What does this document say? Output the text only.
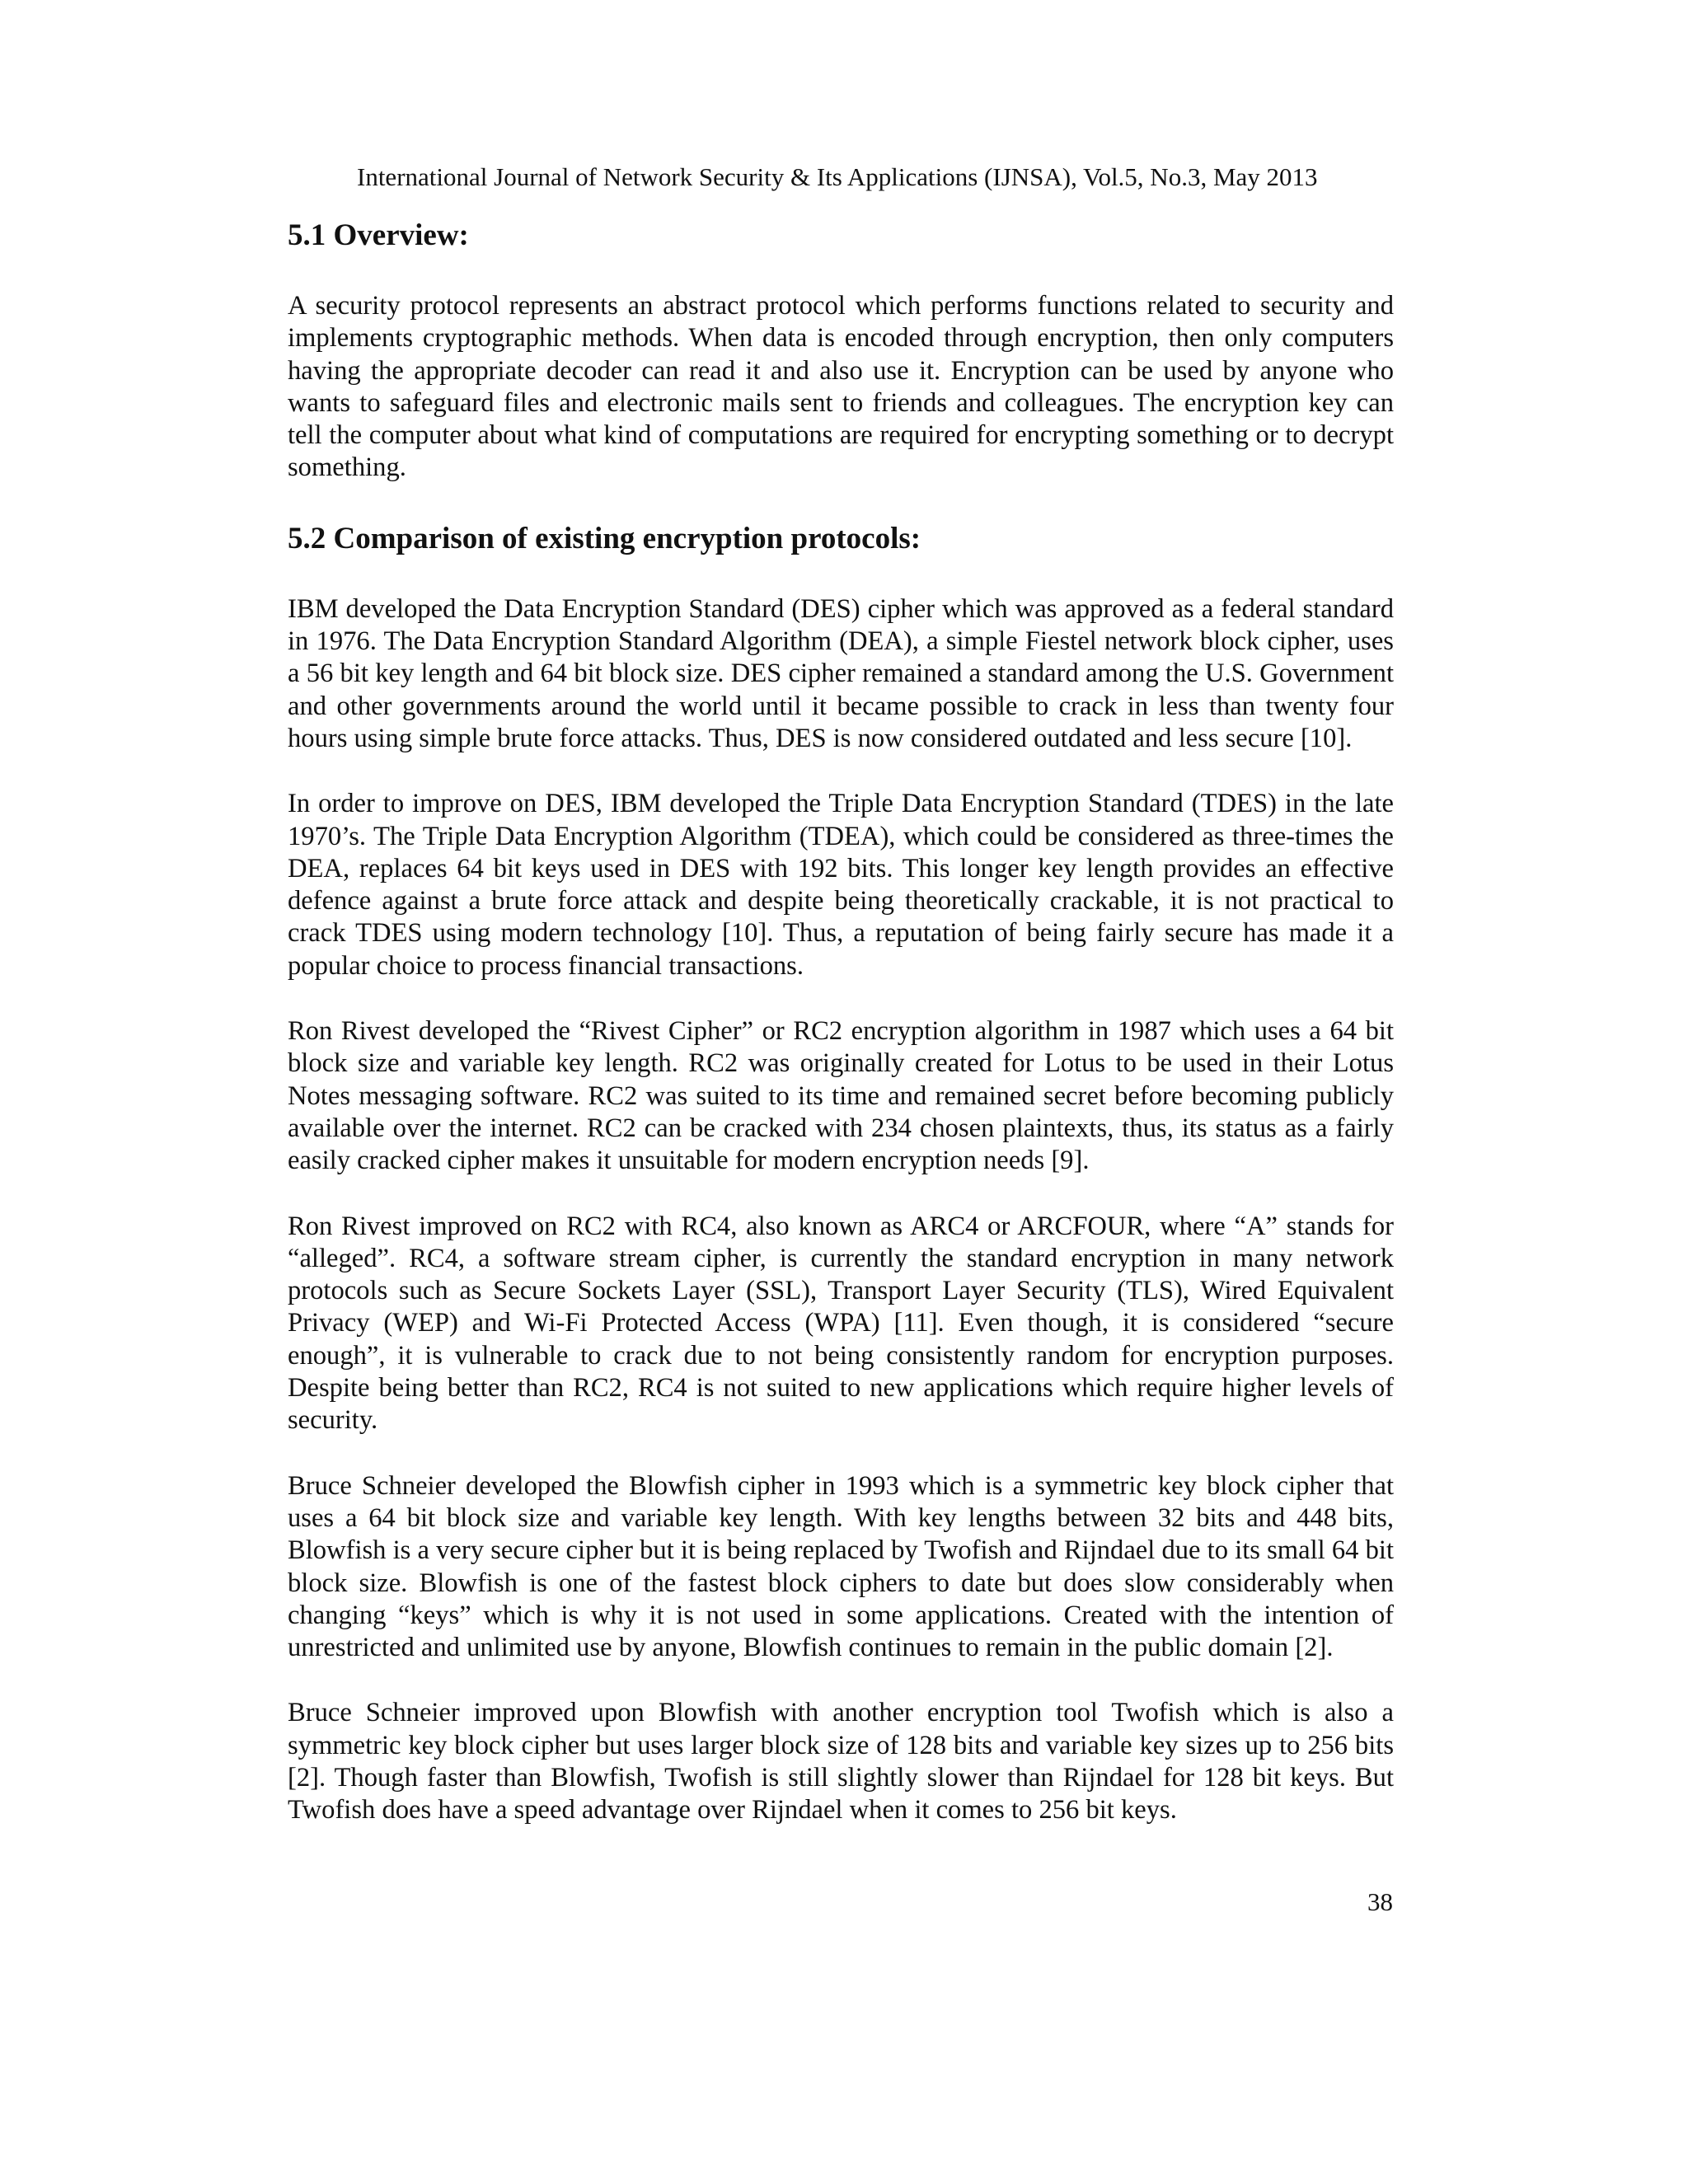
International Journal of Network Security & Its Applications (IJNSA), Vol.5, No.3, May 2013
5.1 Overview:

A security protocol represents an abstract protocol which performs functions related to security and implements cryptographic methods. When data is encoded through encryption, then only computers having the appropriate decoder can read it and also use it. Encryption can be used by anyone who wants to safeguard files and electronic mails sent to friends and colleagues. The encryption key can tell the computer about what kind of computations are required for encrypting something or to decrypt something.

5.2 Comparison of existing encryption protocols:

IBM developed the Data Encryption Standard (DES) cipher which was approved as a federal standard in 1976. The Data Encryption Standard Algorithm (DEA), a simple Fiestel network block cipher, uses a 56 bit key length and 64 bit block size. DES cipher remained a standard among the U.S. Government and other governments around the world until it became possible to crack in less than twenty four hours using simple brute force attacks. Thus, DES is now considered outdated and less secure [10].

In order to improve on DES, IBM developed the Triple Data Encryption Standard (TDES) in the late 1970’s. The Triple Data Encryption Algorithm (TDEA), which could be considered as three-times the DEA, replaces 64 bit keys used in DES with 192 bits. This longer key length provides an effective defence against a brute force attack and despite being theoretically crackable, it is not practical to crack TDES using modern technology [10]. Thus, a reputation of being fairly secure has made it a popular choice to process financial transactions.

Ron Rivest developed the “Rivest Cipher” or RC2 encryption algorithm in 1987 which uses a 64 bit block size and variable key length. RC2 was originally created for Lotus to be used in their Lotus Notes messaging software. RC2 was suited to its time and remained secret before becoming publicly available over the internet. RC2 can be cracked with 234 chosen plaintexts, thus, its status as a fairly easily cracked cipher makes it unsuitable for modern encryption needs [9].

Ron Rivest improved on RC2 with RC4, also known as ARC4 or ARCFOUR, where “A” stands for “alleged”. RC4, a software stream cipher, is currently the standard encryption in many network protocols such as Secure Sockets Layer (SSL), Transport Layer Security (TLS), Wired Equivalent Privacy (WEP) and Wi-Fi Protected Access (WPA) [11]. Even though, it is considered “secure enough”, it is vulnerable to crack due to not being consistently random for encryption purposes. Despite being better than RC2, RC4 is not suited to new applications which require higher levels of security.

Bruce Schneier developed the Blowfish cipher in 1993 which is a symmetric key block cipher that uses a 64 bit block size and variable key length. With key lengths between 32 bits and 448 bits, Blowfish is a very secure cipher but it is being replaced by Twofish and Rijndael due to its small 64 bit block size. Blowfish is one of the fastest block ciphers to date but does slow considerably when changing “keys” which is why it is not used in some applications. Created with the intention of unrestricted and unlimited use by anyone, Blowfish continues to remain in the public domain [2].

Bruce Schneier improved upon Blowfish with another encryption tool Twofish which is also a symmetric key block cipher but uses larger block size of 128 bits and variable key sizes up to 256 bits [2]. Though faster than Blowfish, Twofish is still slightly slower than Rijndael for 128 bit keys. But Twofish does have a speed advantage over Rijndael when it comes to 256 bit keys.

38
